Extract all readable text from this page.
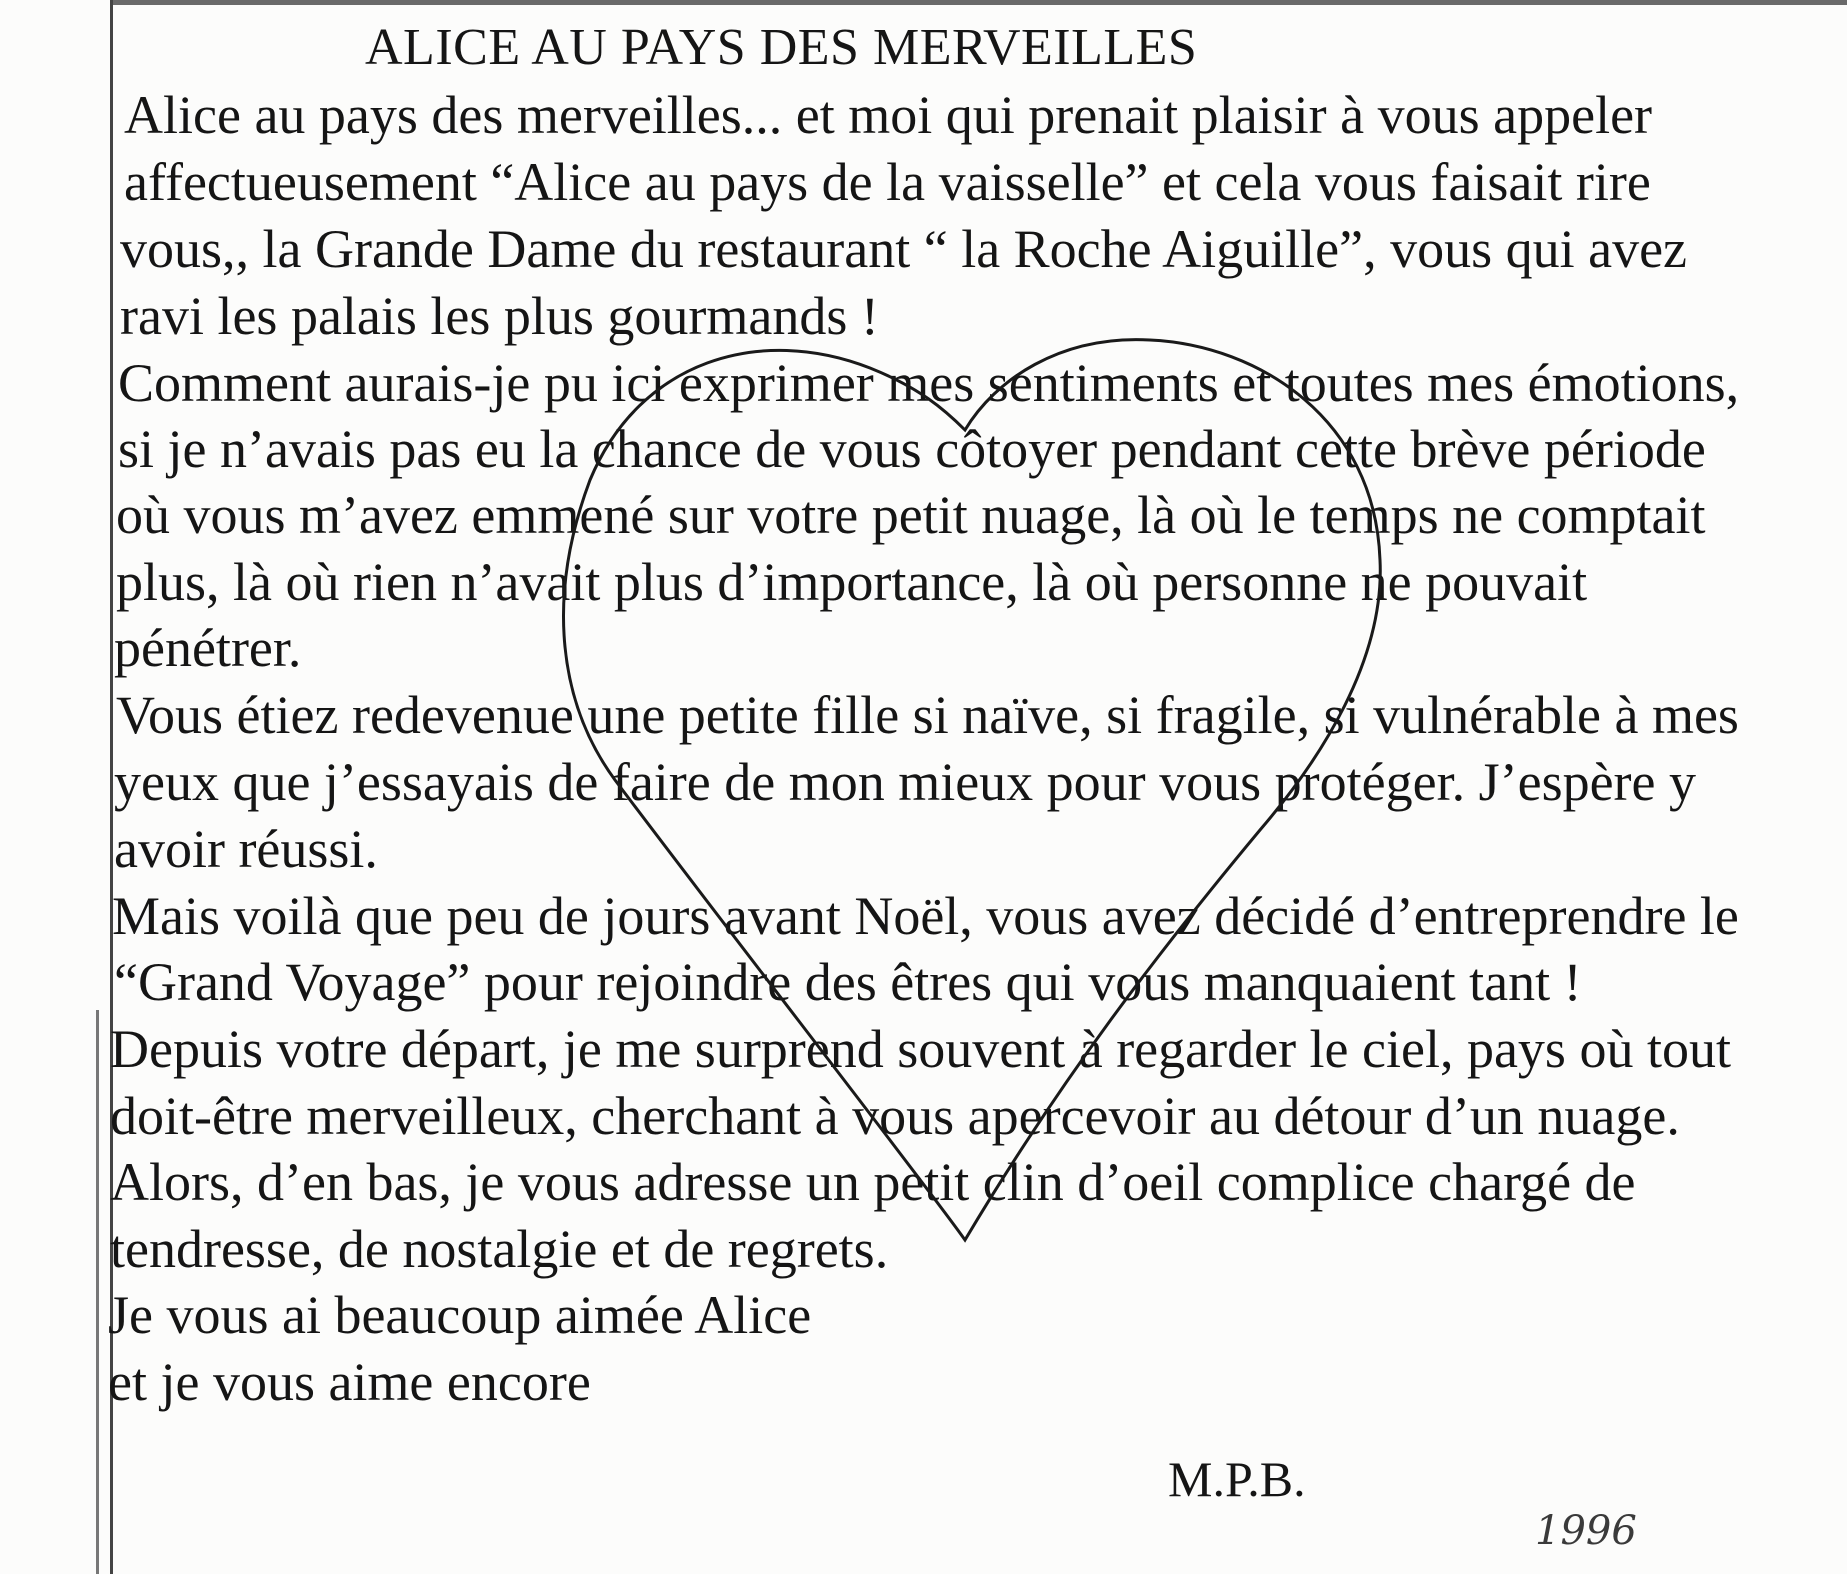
ALICE AU PAYS DES MERVEILLES

Alice au pays des merveilles... et moi qui prenait plaisir à vous appeler

affectueusement “Alice au pays de la vaisselle” et cela vous faisait rire

vous,, la Grande Dame du restaurant “ la Roche Aiguille”, vous qui avez

ravi les palais les plus gourmands !

Comment aurais-je pu ici exprimer mes sentiments et toutes mes émotions,

si je n’avais pas eu la chance de vous côtoyer pendant cette brève période

où vous m’avez emmené sur votre petit nuage, là où le temps ne comptait

plus, là où rien n’avait plus d’importance, là où personne ne pouvait

pénétrer.

Vous étiez redevenue une petite fille si naïve, si fragile, si vulnérable à mes

yeux que j’essayais de faire de mon mieux pour vous protéger. J’espère y

avoir réussi.

Mais voilà que peu de jours avant Noël, vous avez décidé d’entreprendre le

“Grand Voyage” pour rejoindre des êtres qui vous manquaient tant !

Depuis votre départ, je me surprend souvent à regarder le ciel, pays où tout

doit-être merveilleux, cherchant à vous apercevoir au détour d’un nuage.

Alors, d’en bas, je vous adresse un petit clin d’oeil complice chargé de

tendresse, de nostalgie et de regrets.

Je vous ai beaucoup aimée Alice

et je vous aime encore

M.P.B.
1996
